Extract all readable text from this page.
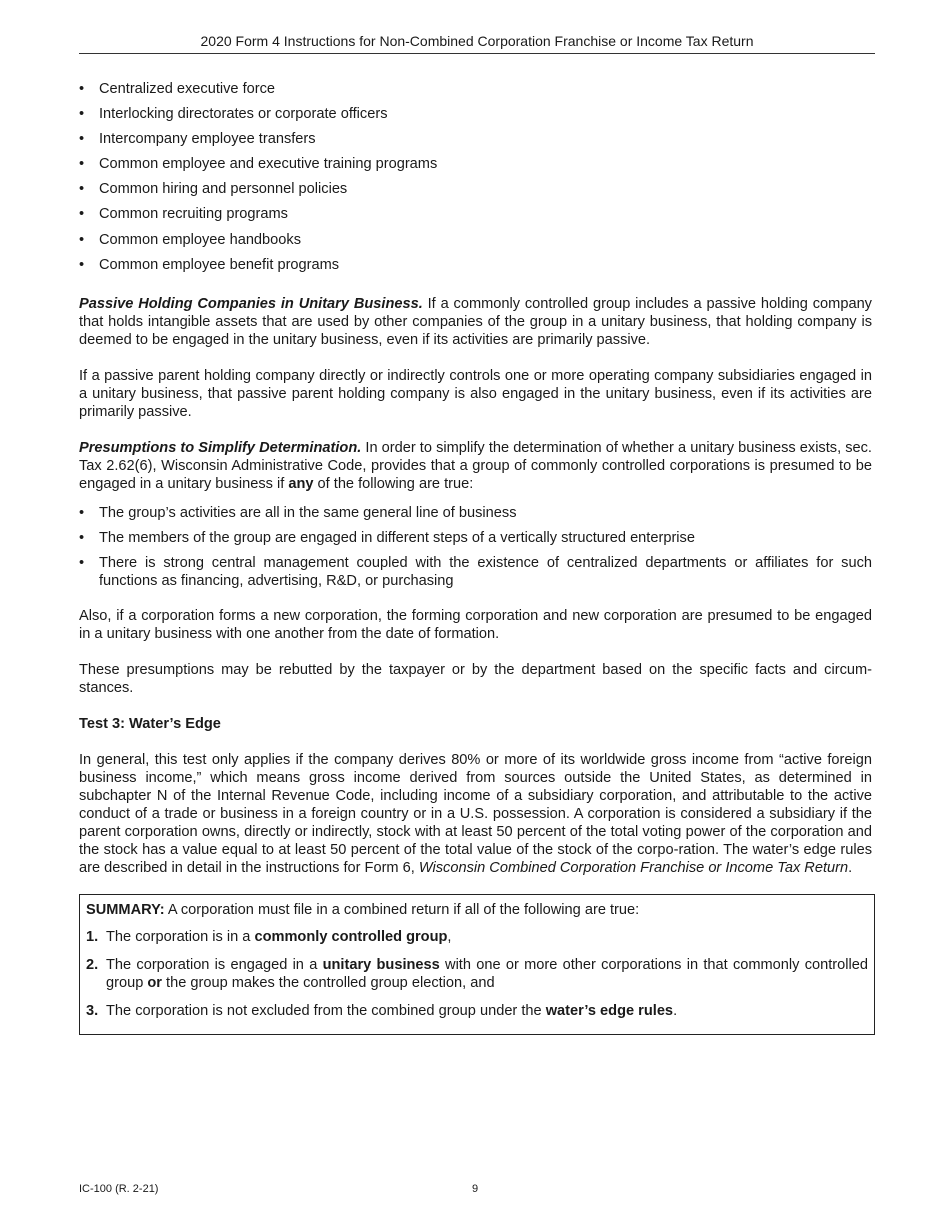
2020 Form 4 Instructions for Non-Combined Corporation Franchise or Income Tax Return
• Centralized executive force
• Interlocking directorates or corporate officers
• Intercompany employee transfers
• Common employee and executive training programs
• Common hiring and personnel policies
• Common recruiting programs
• Common employee handbooks
• Common employee benefit programs

Passive Holding Companies in Unitary Business. If a commonly controlled group includes a passive holding company that holds intangible assets that are used by other companies of the group in a unitary business, that holding company is deemed to be engaged in the unitary business, even if its activities are primarily passive.

If a passive parent holding company directly or indirectly controls one or more operating company subsidiaries engaged in a unitary business, that passive parent holding company is also engaged in the unitary business, even if its activities are primarily passive.

Presumptions to Simplify Determination. In order to simplify the determination of whether a unitary business exists, sec. Tax 2.62(6), Wisconsin Administrative Code, provides that a group of commonly controlled corporations is presumed to be engaged in a unitary business if any of the following are true:

• The group’s activities are all in the same general line of business
• The members of the group are engaged in different steps of a vertically structured enterprise
• There is strong central management coupled with the existence of centralized departments or affiliates for such functions as financing, advertising, R&D, or purchasing

Also, if a corporation forms a new corporation, the forming corporation and new corporation are presumed to be engaged in a unitary business with one another from the date of formation.

These presumptions may be rebutted by the taxpayer or by the department based on the specific facts and circum-stances.

Test 3: Water’s Edge

In general, this test only applies if the company derives 80% or more of its worldwide gross income from “active foreign business income,” which means gross income derived from sources outside the United States, as determined in subchapter N of the Internal Revenue Code, including income of a subsidiary corporation, and attributable to the active conduct of a trade or business in a foreign country or in a U.S. possession. A corporation is considered a subsidiary if the parent corporation owns, directly or indirectly, stock with at least 50 percent of the total voting power of the corporation and the stock has a value equal to at least 50 percent of the total value of the stock of the corpo-ration. The water’s edge rules are described in detail in the instructions for Form 6, Wisconsin Combined Corporation Franchise or Income Tax Return.

SUMMARY: A corporation must file in a combined return if all of the following are true:

1. The corporation is in a commonly controlled group,
2. The corporation is engaged in a unitary business with one or more other corporations in that commonly controlled group or the group makes the controlled group election, and
3. The corporation is not excluded from the combined group under the water’s edge rules.
IC-100 (R. 2-21)	9
